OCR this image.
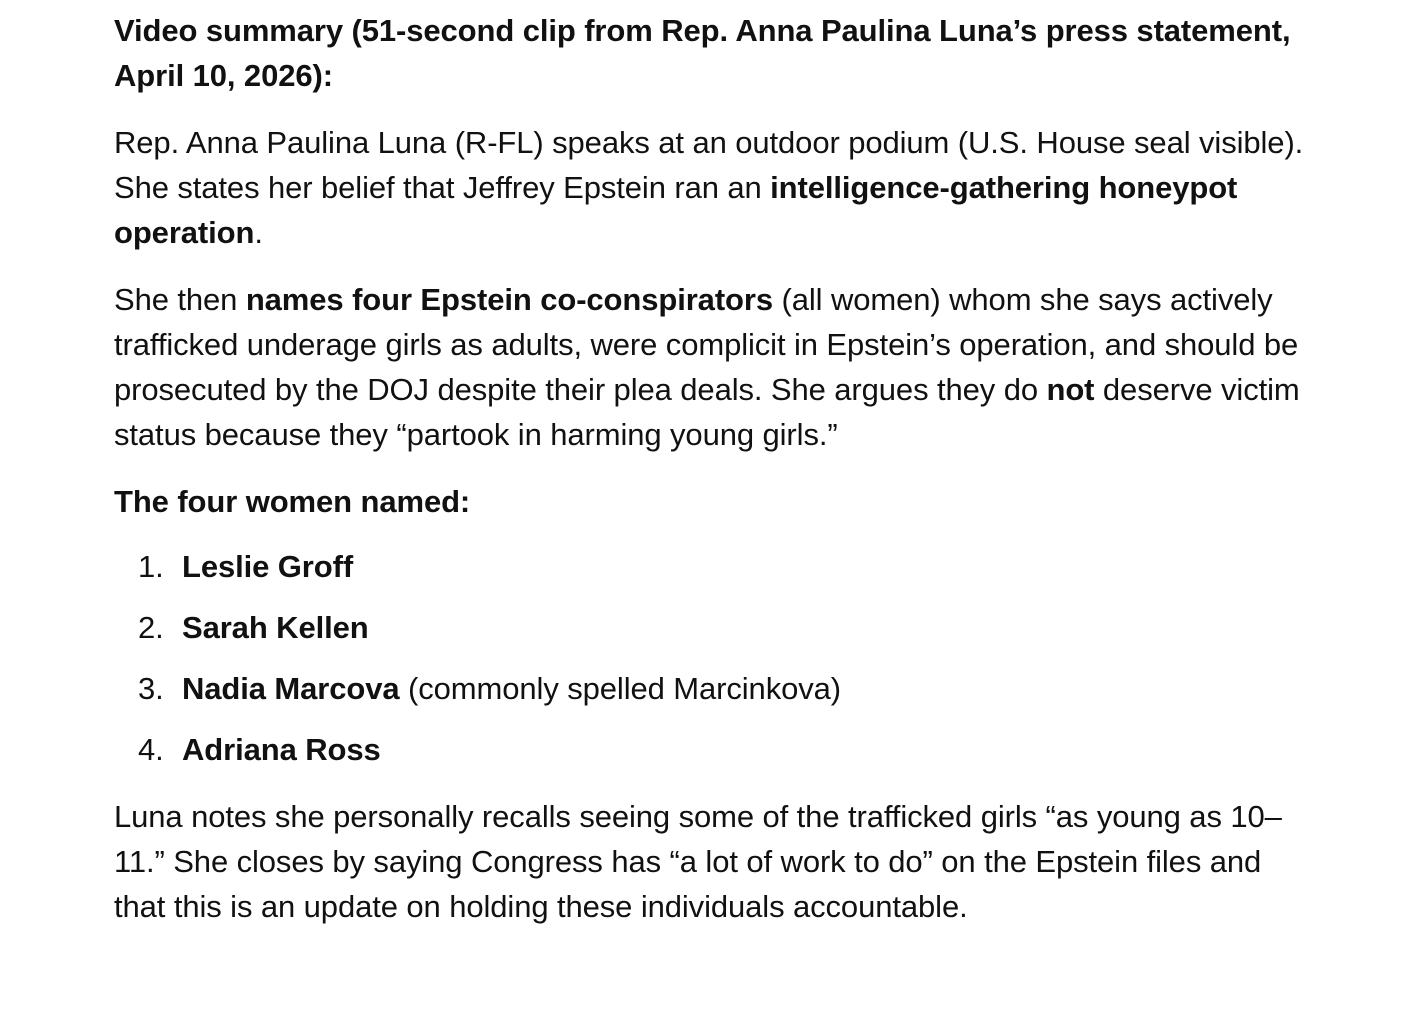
Video summary (51-second clip from Rep. Anna Paulina Luna’s press statement, April 10, 2026):
Rep. Anna Paulina Luna (R-FL) speaks at an outdoor podium (U.S. House seal visible). She states her belief that Jeffrey Epstein ran an intelligence-gathering honeypot operation.
She then names four Epstein co-conspirators (all women) whom she says actively trafficked underage girls as adults, were complicit in Epstein’s operation, and should be prosecuted by the DOJ despite their plea deals. She argues they do not deserve victim status because they “partook in harming young girls.”
The four women named:
1. Leslie Groff
2. Sarah Kellen
3. Nadia Marcova (commonly spelled Marcinkova)
4. Adriana Ross
Luna notes she personally recalls seeing some of the trafficked girls “as young as 10–11.” She closes by saying Congress has “a lot of work to do” on the Epstein files and that this is an update on holding these individuals accountable.
